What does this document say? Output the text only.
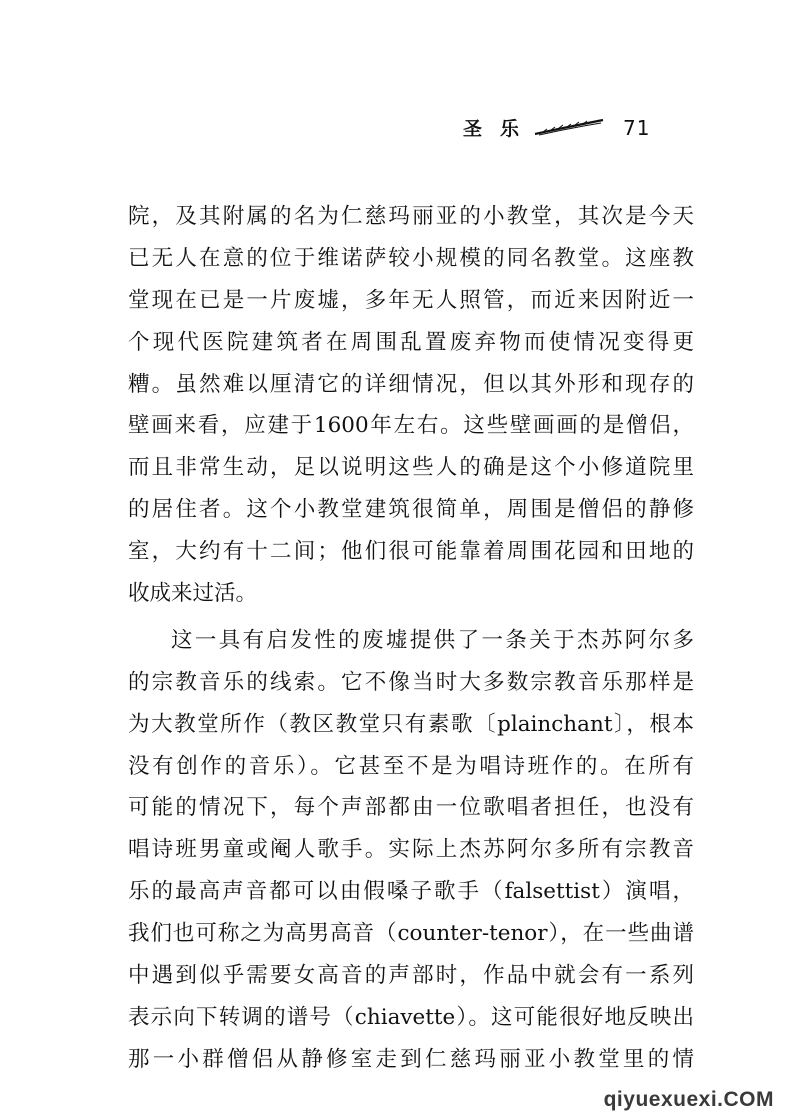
圣乐	71
院，及其附属的名为仁慈玛丽亚的小教堂，其次是今天
已无人在意的位于维诺萨较小规模的同名教堂。这座教
堂现在已是一片废墟，多年无人照管，而近来因附近一
个现代医院建筑者在周围乱置废弃物而使情况变得更
糟。虽然难以厘清它的详细情况，但以其外形和现存的
壁画来看，应建于1600年左右。这些壁画画的是僧侣，
而且非常生动，足以说明这些人的确是这个小修道院里
的居住者。这个小教堂建筑很简单，周围是僧侣的静修
室，大约有十二间；他们很可能靠着周围花园和田地的
收成来过活。
这一具有启发性的废墟提供了一条关于杰苏阿尔多
的宗教音乐的线索。它不像当时大多数宗教音乐那样是
为大教堂所作（教区教堂只有素歌〔plainchant〕，根本
没有创作的音乐）。它甚至不是为唱诗班作的。在所有
可能的情况下，每个声部都由一位歌唱者担任，也没有
唱诗班男童或阉人歌手。实际上杰苏阿尔多所有宗教音
乐的最高声音都可以由假嗓子歌手（falsettist）演唱，
我们也可称之为高男高音（counter-tenor），在一些曲谱
中遇到似乎需要女高音的声部时，作品中就会有一系列
表示向下转调的谱号（chiavette）。这可能很好地反映出
那一小群僧侣从静修室走到仁慈玛丽亚小教堂里的情
qiyuexuexi.COM
